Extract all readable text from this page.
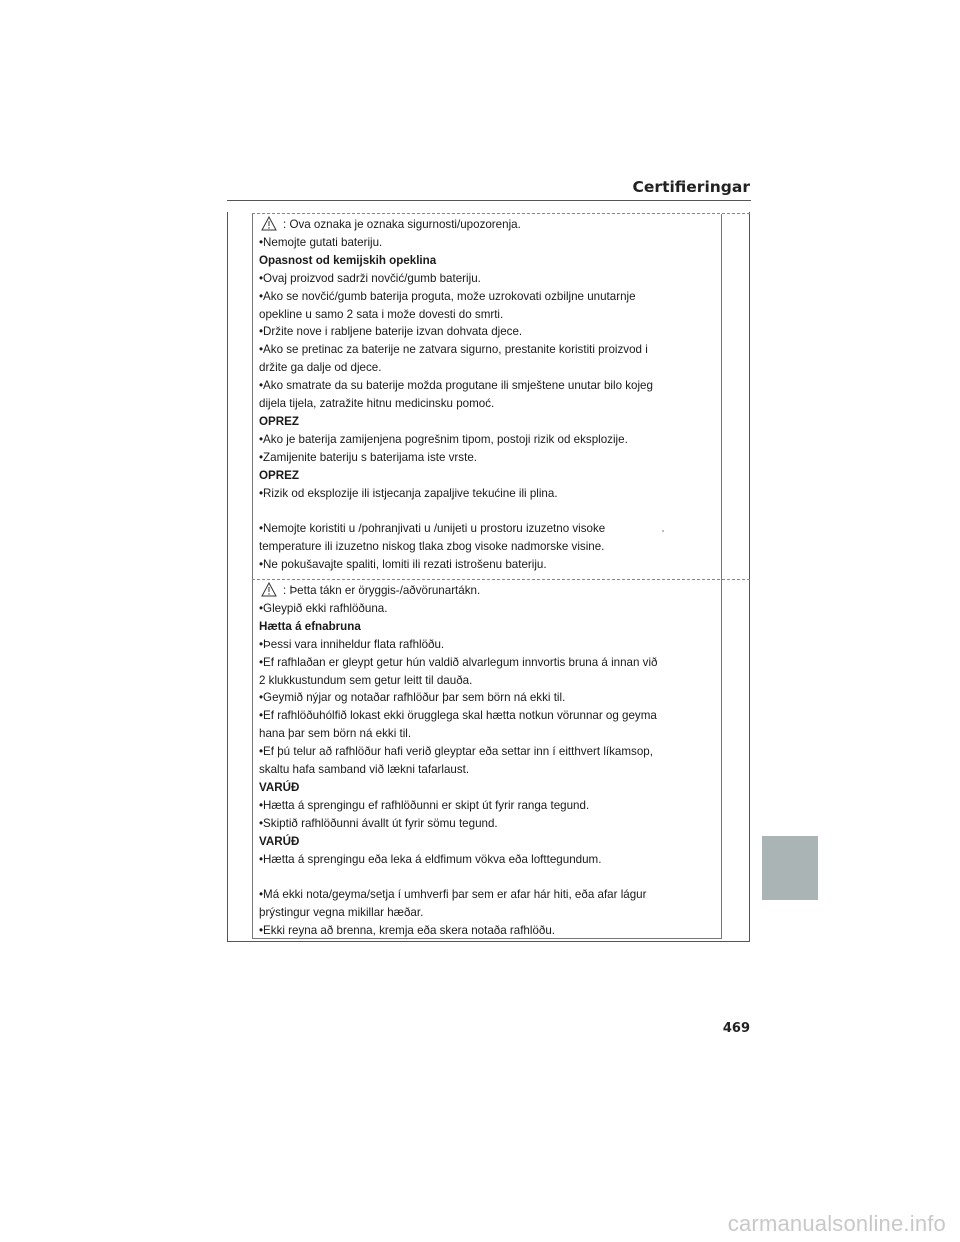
Certifieringar
: Ova oznaka je oznaka sigurnosti/upozorenja.
•Nemojte gutati bateriju.
Opasnost od kemijskih opeklina
•Ovaj proizvod sadrži novčić/gumb bateriju.
•Ako se novčić/gumb baterija proguta, može uzrokovati ozbiljne unutarnje
opekline u samo 2 sata i može dovesti do smrti.
•Držite nove i rabljene baterije izvan dohvata djece.
•Ako se pretinac za baterije ne zatvara sigurno, prestanite koristiti proizvod i
držite ga dalje od djece.
•Ako smatrate da su baterije možda progutane ili smještene unutar bilo kojeg
dijela tijela, zatražite hitnu medicinsku pomoć.
OPREZ
•Ako je baterija zamijenjena pogrešnim tipom, postoji rizik od eksplozije.
•Zamijenite bateriju s baterijama iste vrste.
OPREZ
•Rizik od eksplozije ili istjecanja zapaljive tekućine ili plina.
•Nemojte koristiti u /pohranjivati u /unijeti u prostoru izuzetno visoke
temperature ili izuzetno niskog tlaka zbog visoke nadmorske visine.
•Ne pokušavajte spaliti, lomiti ili rezati istrošenu bateriju.
: Þetta tákn er öryggis-/aðvörunartákn.
•Gleypið ekki rafhlöðuna.
Hætta á efnabruna
•Þessi vara inniheldur flata rafhlöðu.
•Ef rafhlaðan er gleypt getur hún valdið alvarlegum innvortis bruna á innan við
2 klukkustundum sem getur leitt til dauða.
•Geymið nýjar og notaðar rafhlöður þar sem börn ná ekki til.
•Ef rafhlöðuhólfið lokast ekki örugglega skal hætta notkun vörunnar og geyma
hana þar sem börn ná ekki til.
•Ef þú telur að rafhlöður hafi verið gleyptar eða settar inn í eitthvert líkamsop,
skaltu hafa samband við lækni tafarlaust.
VARÚÐ
•Hætta á sprengingu ef rafhlöðunni er skipt út fyrir ranga tegund.
•Skiptið rafhlöðunni ávallt út fyrir sömu tegund.
VARÚÐ
•Hætta á sprengingu eða leka á eldfimum vökva eða lofttegundum.
•Má ekki nota/geyma/setja í umhverfi þar sem er afar hár hiti, eða afar lágur
þrýstingur vegna mikillar hæðar.
•Ekki reyna að brenna, kremja eða skera notaða rafhlöðu.
469
carmanualsonline.info
